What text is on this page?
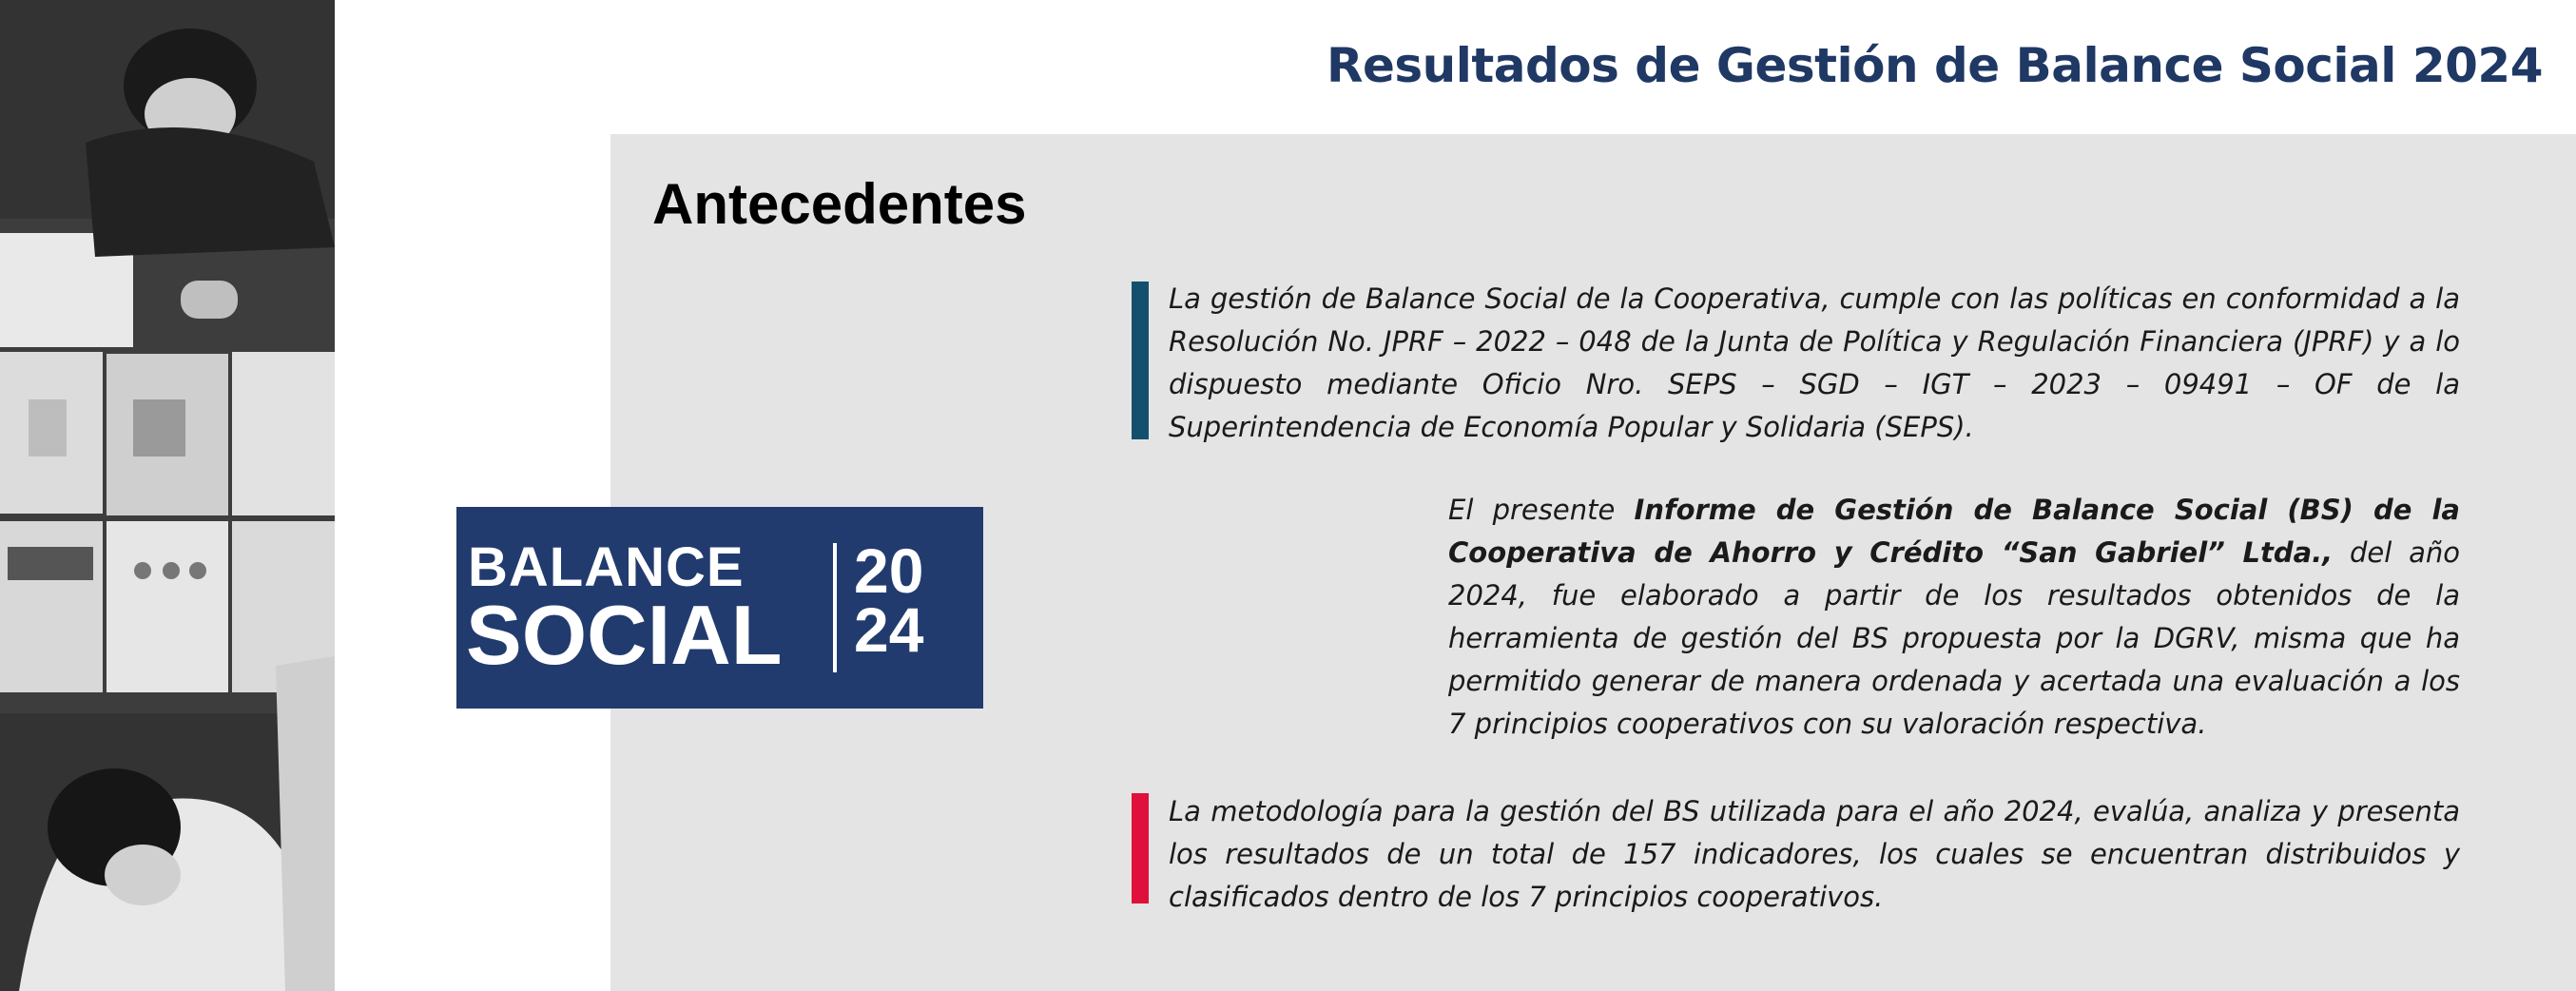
Resultados de Gestión de Balance Social 2024
Antecedentes
BALANCE
SOCIAL
20
24

La gestión de Balance Social de la Cooperativa, cumple con las políticas en conformidad a la Resolución No. JPRF – 2022 – 048 de la Junta de Política y Regulación Financiera (JPRF) y a lo dispuesto mediante Oficio Nro. SEPS – SGD – IGT – 2023 – 09491 – OF de la Superintendencia de Economía Popular y Solidaria (SEPS).

El presente Informe de Gestión de Balance Social (BS) de la Cooperativa de Ahorro y Crédito “San Gabriel” Ltda., del año 2024, fue elaborado a partir de los resultados obtenidos de la herramienta de gestión del BS propuesta por la DGRV, misma que ha permitido generar de manera ordenada y acertada una evaluación a los 7 principios cooperativos con su valoración respectiva.

La metodología para la gestión del BS utilizada para el año 2024, evalúa, analiza y presenta los resultados de un total de 157 indicadores, los cuales se encuentran distribuidos y clasificados dentro de los 7 principios cooperativos.
